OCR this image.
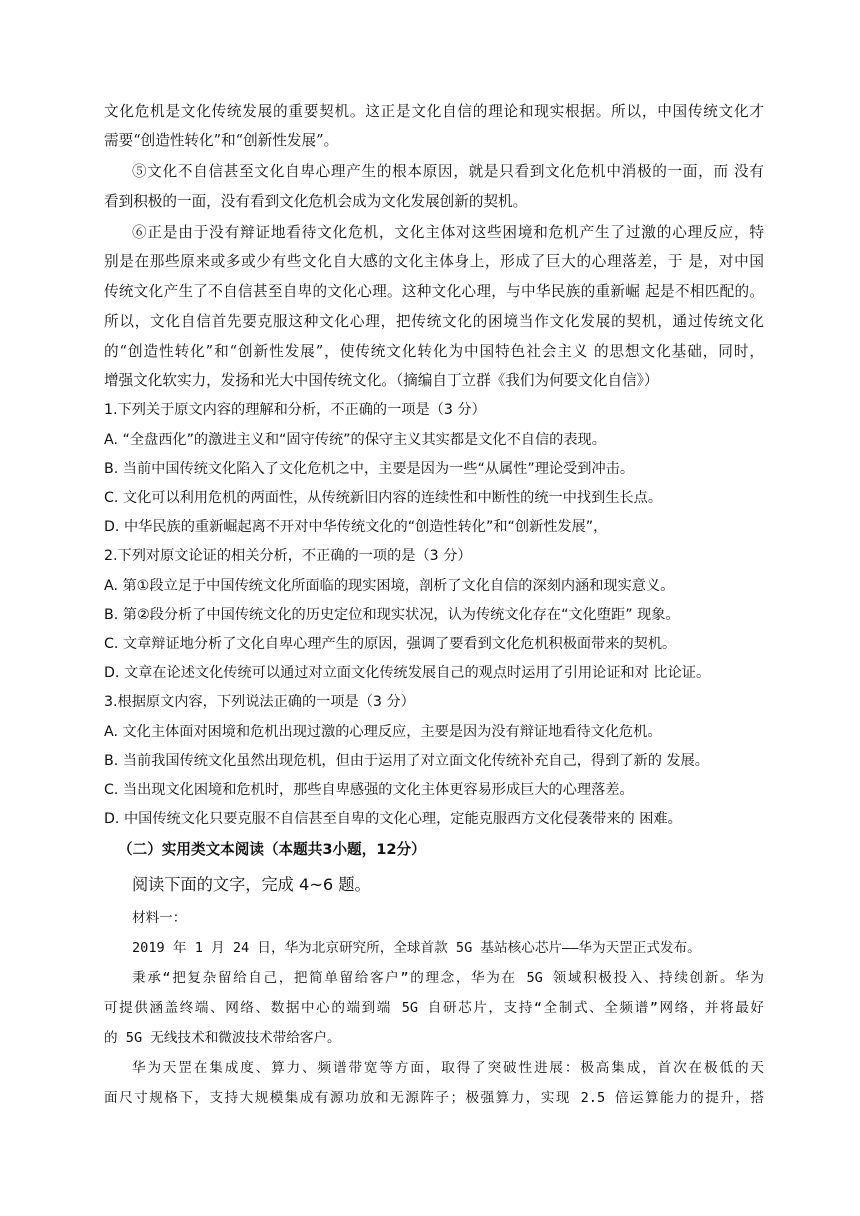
文化危机是文化传统发展的重要契机。这正是文化自信的理论和现实根据。所以，中国传统文化才
需要“创造性转化”和“创新性发展”。
⑤文化不自信甚至文化自卑心理产生的根本原因，就是只看到文化危机中消极的一面，而 没有
看到积极的一面，没有看到文化危机会成为文化发展创新的契机。
⑥正是由于没有辩证地看待文化危机，文化主体对这些困境和危机产生了过激的心理反应，特
别是在那些原来或多或少有些文化自大感的文化主体身上，形成了巨大的心理落差，于 是，对中国
传统文化产生了不自信甚至自卑的文化心理。这种文化心理，与中华民族的重新崛 起是不相匹配的。
所以，文化自信首先要克服这种文化心理，把传统文化的困境当作文化发展的契机，通过传统文化
的“创造性转化”和“创新性发展”，使传统文化转化为中国特色社会主义 的思想文化基础，同时，
增强文化软实力，发扬和光大中国传统文化。（摘编自丁立群《我们为何要文化自信》）
1.下列关于原文内容的理解和分析，不正确的一项是（3 分）
A. “全盘西化”的激进主义和“固守传统”的保守主义其实都是文化不自信的表现。
B. 当前中国传统文化陷入了文化危机之中，主要是因为一些“从属性”理论受到冲击。
C. 文化可以利用危机的两面性，从传统新旧内容的连续性和中断性的统一中找到生长点。
D. 中华民族的重新崛起离不开对中华传统文化的“创造性转化”和“创新性发展”，
2.下列对原文论证的相关分析，不正确的一项的是（3 分）
A. 第①段立足于中国传统文化所面临的现实困境，剖析了文化自信的深刻内涵和现实意义。
B. 第②段分析了中国传统文化的历史定位和现实状况，认为传统文化存在“文化堕距” 现象。
C. 文章辩证地分析了文化自卑心理产生的原因，强调了要看到文化危机积极面带来的契机。
D. 文章在论述文化传统可以通过对立面文化传统发展自己的观点时运用了引用论证和对 比论证。
3.根据原文内容，下列说法正确的一项是（3 分）
A. 文化主体面对困境和危机出现过激的心理反应，主要是因为没有辩证地看待文化危机。
B. 当前我国传统文化虽然出现危机，但由于运用了对立面文化传统补充自己，得到了新的 发展。
C. 当出现文化困境和危机时，那些自卑感强的文化主体更容易形成巨大的心理落差。
D. 中国传统文化只要克服不自信甚至自卑的文化心理，定能克服西方文化侵袭带来的 困难。
（二）实用类文本阅读（本题共3小题，12分）
阅读下面的文字，完成 4~6 题。
材料一：
2019 年 1 月 24 日，华为北京研究所，全球首款 5G 基站核心芯片——华为天罡正式发布。
秉承“把复杂留给自己，把简单留给客户”的理念，华为在 5G 领域积极投入、持续创新。华为
可提供涵盖终端、网络、数据中心的端到端 5G 自研芯片，支持“全制式、全频谱”网络，并将最好
的 5G 无线技术和微波技术带给客户。
华为天罡在集成度、算力、频谱带宽等方面，取得了突破性进展：极高集成，首次在极低的天
面尺寸规格下，支持大规模集成有源功放和无源阵子；极强算力，实现 2.5 倍运算能力的提升，搭
